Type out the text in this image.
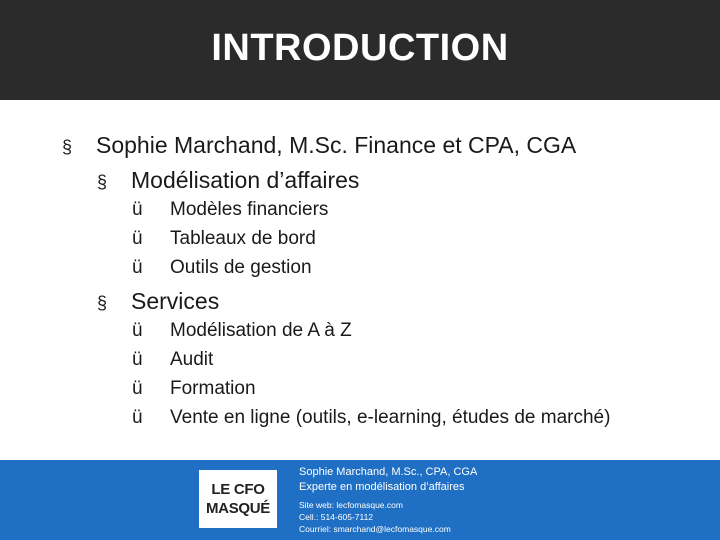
INTRODUCTION
§	Sophie Marchand, M.Sc. Finance et CPA, CGA
§	Modélisation d’affaires
ü	Modèles financiers
ü	Tableaux de bord
ü	Outils de gestion
§	Services
ü	Modélisation de A à Z
ü	Audit
ü	Formation
ü	Vente en ligne (outils, e-learning, études de marché)
LE CFO
MASQUÉ
Sophie Marchand, M.Sc., CPA, CGA
Experte en modélisation d’affaires
Site web: lecfomasque.com
Cell.: 514-605-7112
Courriel: smarchand@lecfomasque.com
